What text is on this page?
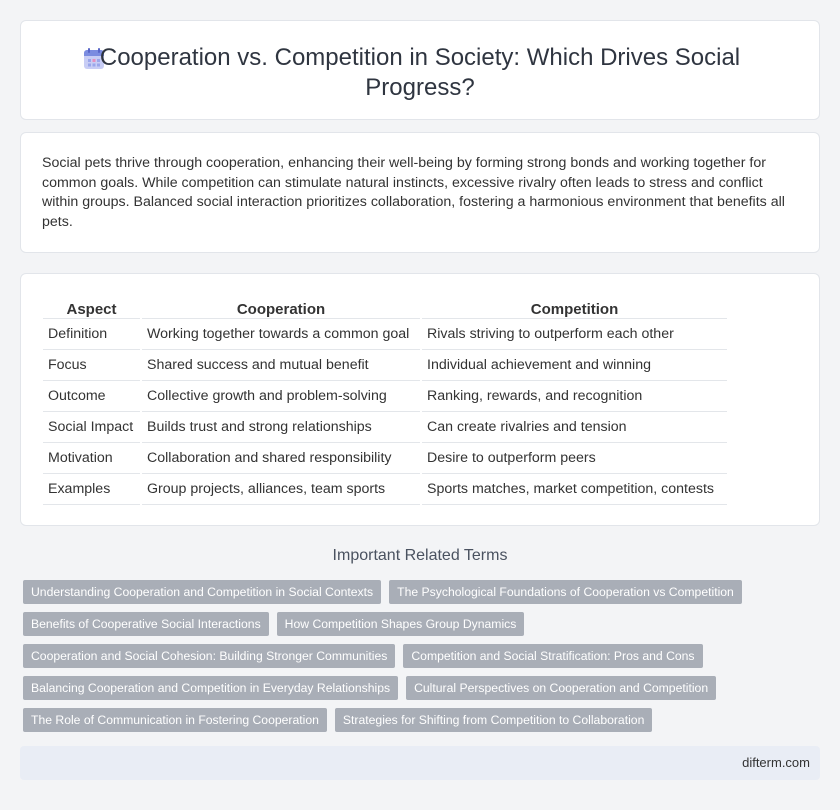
Cooperation vs. Competition in Society: Which Drives Social Progress?

Social pets thrive through cooperation, enhancing their well-being by forming strong bonds and working together for common goals. While competition can stimulate natural instincts, excessive rivalry often leads to stress and conflict within groups. Balanced social interaction prioritizes collaboration, fostering a harmonious environment that benefits all pets.

Aspect		Cooperation		Competition
Definition		Working together towards a common goal		Rivals striving to outperform each other
Focus		Shared success and mutual benefit		Individual achievement and winning
Outcome		Collective growth and problem-solving		Ranking, rewards, and recognition
Social Impact		Builds trust and strong relationships		Can create rivalries and tension
Motivation		Collaboration and shared responsibility		Desire to outperform peers
Examples		Group projects, alliances, team sports		Sports matches, market competition, contests
Important Related Terms
Understanding Cooperation and Competition in Social Contexts	The Psychological Foundations of Cooperation vs Competition
Benefits of Cooperative Social Interactions	How Competition Shapes Group Dynamics
Cooperation and Social Cohesion: Building Stronger Communities	Competition and Social Stratification: Pros and Cons
Balancing Cooperation and Competition in Everyday Relationships	Cultural Perspectives on Cooperation and Competition
The Role of Communication in Fostering Cooperation	Strategies for Shifting from Competition to Collaboration
difterm.com
